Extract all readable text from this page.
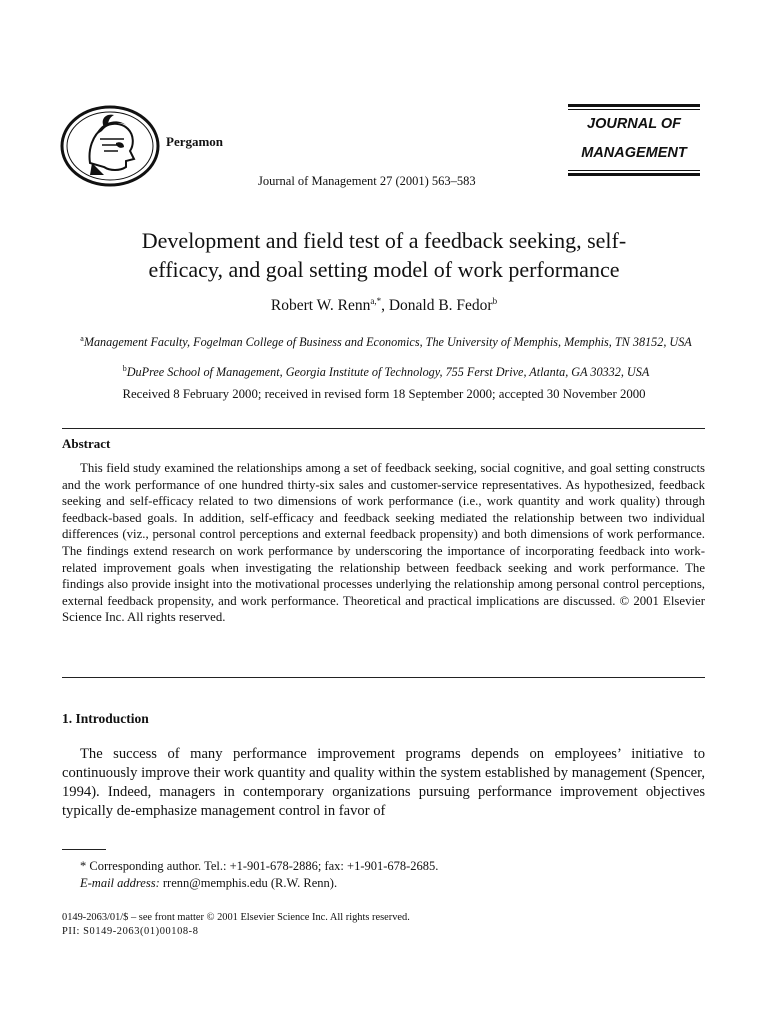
Pergamon
Journal of Management 27 (2001) 563–583
JOURNAL OF
MANAGEMENT
Development and field test of a feedback seeking, self-
efficacy, and goal setting model of work performance
Robert W. Renn$^{a,*}$, Donald B. Fedor$^b$
$^a$Management Faculty, Fogelman College of Business and Economics, The University of Memphis, Memphis, TN 38152, USA
$^b$DuPree School of Management, Georgia Institute of Technology, 755 Ferst Drive, Atlanta, GA 30332, USA
Received 8 February 2000; received in revised form 18 September 2000; accepted 30 November 2000
Abstract
This field study examined the relationships among a set of feedback seeking, social cognitive, and goal setting constructs and the work performance of one hundred thirty-six sales and customer-service representatives. As hypothesized, feedback seeking and self-efficacy related to two dimensions of work performance (i.e., work quantity and work quality) through feedback-based goals. In addition, self-efficacy and feedback seeking mediated the relationship between two individual differences (viz., personal control perceptions and external feedback propensity) and both dimensions of work performance. The findings extend research on work performance by underscoring the importance of incorporating feedback into work-related improvement goals when investigating the relationship between feedback seeking and work performance. The findings also provide insight into the motivational processes underlying the relationship among personal control perceptions, external feedback propensity, and work performance. Theoretical and practical implications are discussed. © 2001 Elsevier Science Inc. All rights reserved.
1. Introduction
The success of many performance improvement programs depends on employees’ initiative to continuously improve their work quantity and quality within the system established by management (Spencer, 1994). Indeed, managers in contemporary organizations pursuing performance improvement objectives typically de-emphasize management control in favor of
* Corresponding author. Tel.: +1-901-678-2886; fax: +1-901-678-2685.
E-mail address: rrenn@memphis.edu (R.W. Renn).
0149-2063/01/$ – see front matter © 2001 Elsevier Science Inc. All rights reserved.
PII: S0149-2063(01)00108-8
